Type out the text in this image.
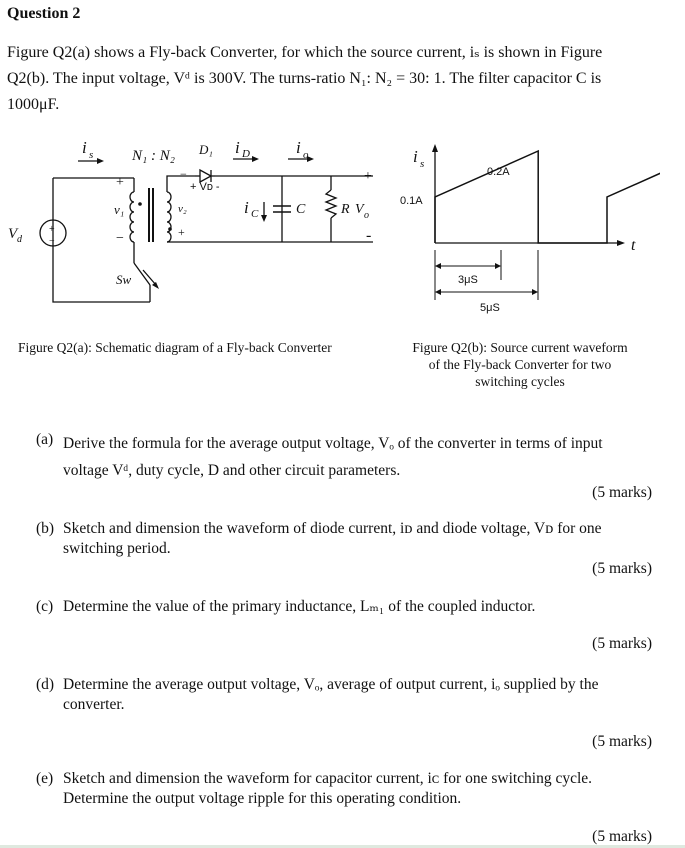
Question 2
Figure Q2(a) shows a Fly-back Converter, for which the source current, iₛ is shown in Figure
Q2(b). The input voltage, Vᵈ is 300V. The turns-ratio N₁: N₂ = 30: 1. The filter capacitor C is
1000μF.
i s	N₁ : N₂ D₁ i D	i o
+
−
+ Vᴅ -
v₁	v₂
−	+
i C	C	R V o
+
-
V d
+
−
Sw
Figure Q2(a): Schematic diagram of a Fly-back Converter
i s
t
0.2A
0.1A
3μS
5μS
Figure Q2(b): Source current waveform
of the Fly-back Converter for two
switching cycles
(a) Derive the formula for the average output voltage, Vₒ of the converter in terms of input
voltage Vᵈ, duty cycle, D and other circuit parameters.
(5 marks)
(b) Sketch and dimension the waveform of diode current, iᴅ and diode voltage, Vᴅ for one
switching period.
(5 marks)
(c) Determine the value of the primary inductance, Lₘ₁ of the coupled inductor.
(5 marks)
(d) Determine the average output voltage, Vₒ, average of output current, iₒ supplied by the
converter.
(5 marks)
(e) Sketch and dimension the waveform for capacitor current, iᴄ for one switching cycle.
Determine the output voltage ripple for this operating condition.
(5 marks)
